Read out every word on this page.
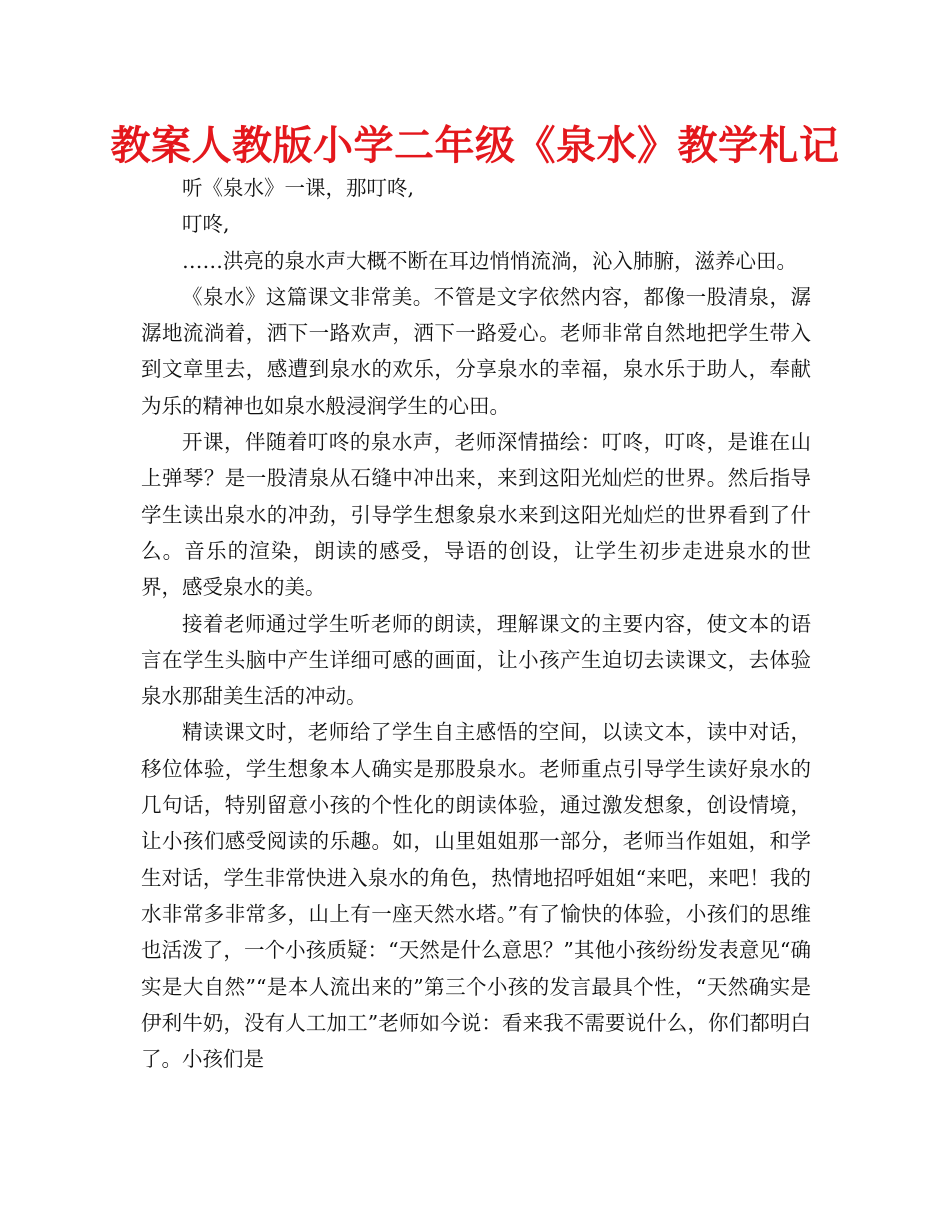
教案人教版小学二年级《泉水》教学札记

听《泉水》一课，那叮咚,

叮咚,

……洪亮的泉水声大概不断在耳边悄悄流淌，沁入肺腑，滋养心田。

《泉水》这篇课文非常美。不管是文字依然内容，都像一股清泉，潺潺地流淌着，洒下一路欢声，洒下一路爱心。老师非常自然地把学生带入到文章里去，感遭到泉水的欢乐，分享泉水的幸福，泉水乐于助人，奉献为乐的精神也如泉水般浸润学生的心田。

开课，伴随着叮咚的泉水声，老师深情描绘：叮咚，叮咚，是谁在山上弹琴？是一股清泉从石缝中冲出来，来到这阳光灿烂的世界。然后指导学生读出泉水的冲劲，引导学生想象泉水来到这阳光灿烂的世界看到了什么。音乐的渲染，朗读的感受，导语的创设，让学生初步走进泉水的世界，感受泉水的美。

接着老师通过学生听老师的朗读，理解课文的主要内容，使文本的语言在学生头脑中产生详细可感的画面，让小孩产生迫切去读课文，去体验泉水那甜美生活的冲动。

精读课文时，老师给了学生自主感悟的空间，以读文本，读中对话，移位体验，学生想象本人确实是那股泉水。老师重点引导学生读好泉水的几句话，特别留意小孩的个性化的朗读体验，通过激发想象，创设情境，让小孩们感受阅读的乐趣。如，山里姐姐那一部分，老师当作姐姐，和学生对话，学生非常快进入泉水的角色，热情地招呼姐姐“来吧，来吧！我的水非常多非常多，山上有一座天然水塔。”有了愉快的体验，小孩们的思维也活泼了，一个小孩质疑：“天然是什么意思？”其他小孩纷纷发表意见“确实是大自然”“是本人流出来的”第三个小孩的发言最具个性，“天然确实是伊利牛奶，没有人工加工”老师如今说：看来我不需要说什么，你们都明白了。小孩们是
